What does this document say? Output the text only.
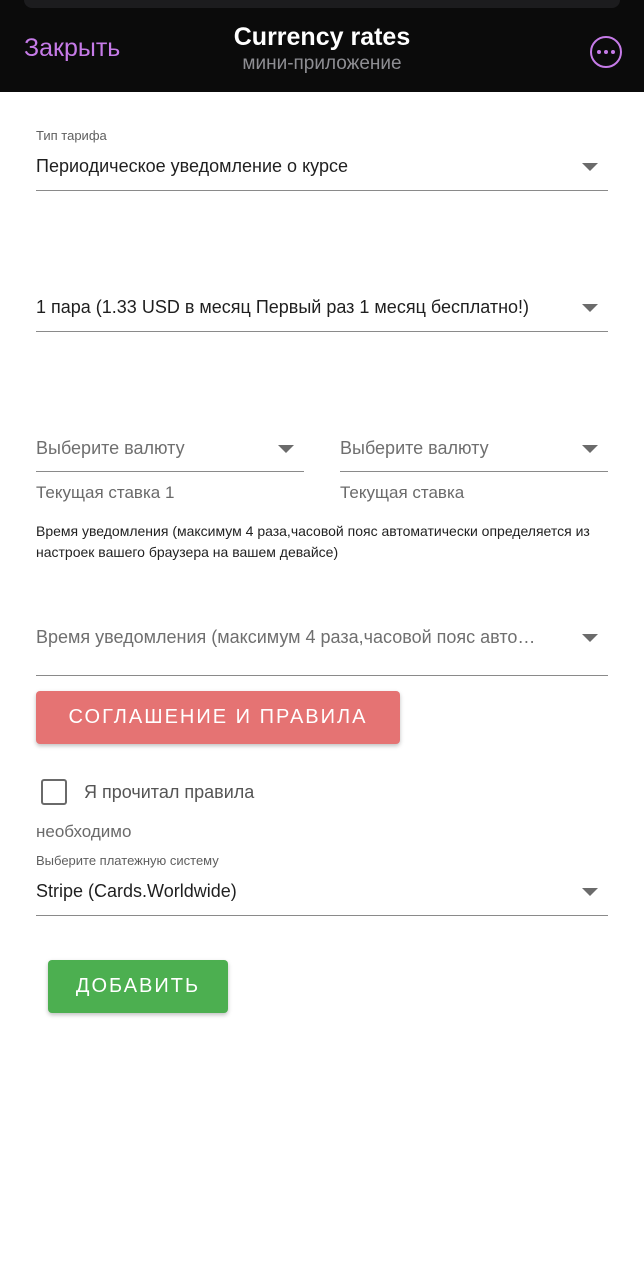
Закрыть	Currency rates
мини-приложение
Тип тарифа
Периодическое уведомление о курсе
1 пара (1.33 USD в месяц Первый раз 1 месяц бесплатно!)
Выберите валюту
Текущая ставка 1
Выберите валюту
Текущая ставка
Время уведомления (максимум 4 раза,часовой пояс автоматически определяется из настроек вашего браузера на вашем девайсе)
Время уведомления (максимум 4 раза,часовой пояс авто…
СОГЛАШЕНИЕ И ПРАВИЛА
Я прочитал правила
необходимо
Выберите платежную систему
Stripe (Cards.Worldwide)
ДОБАВИТЬ
